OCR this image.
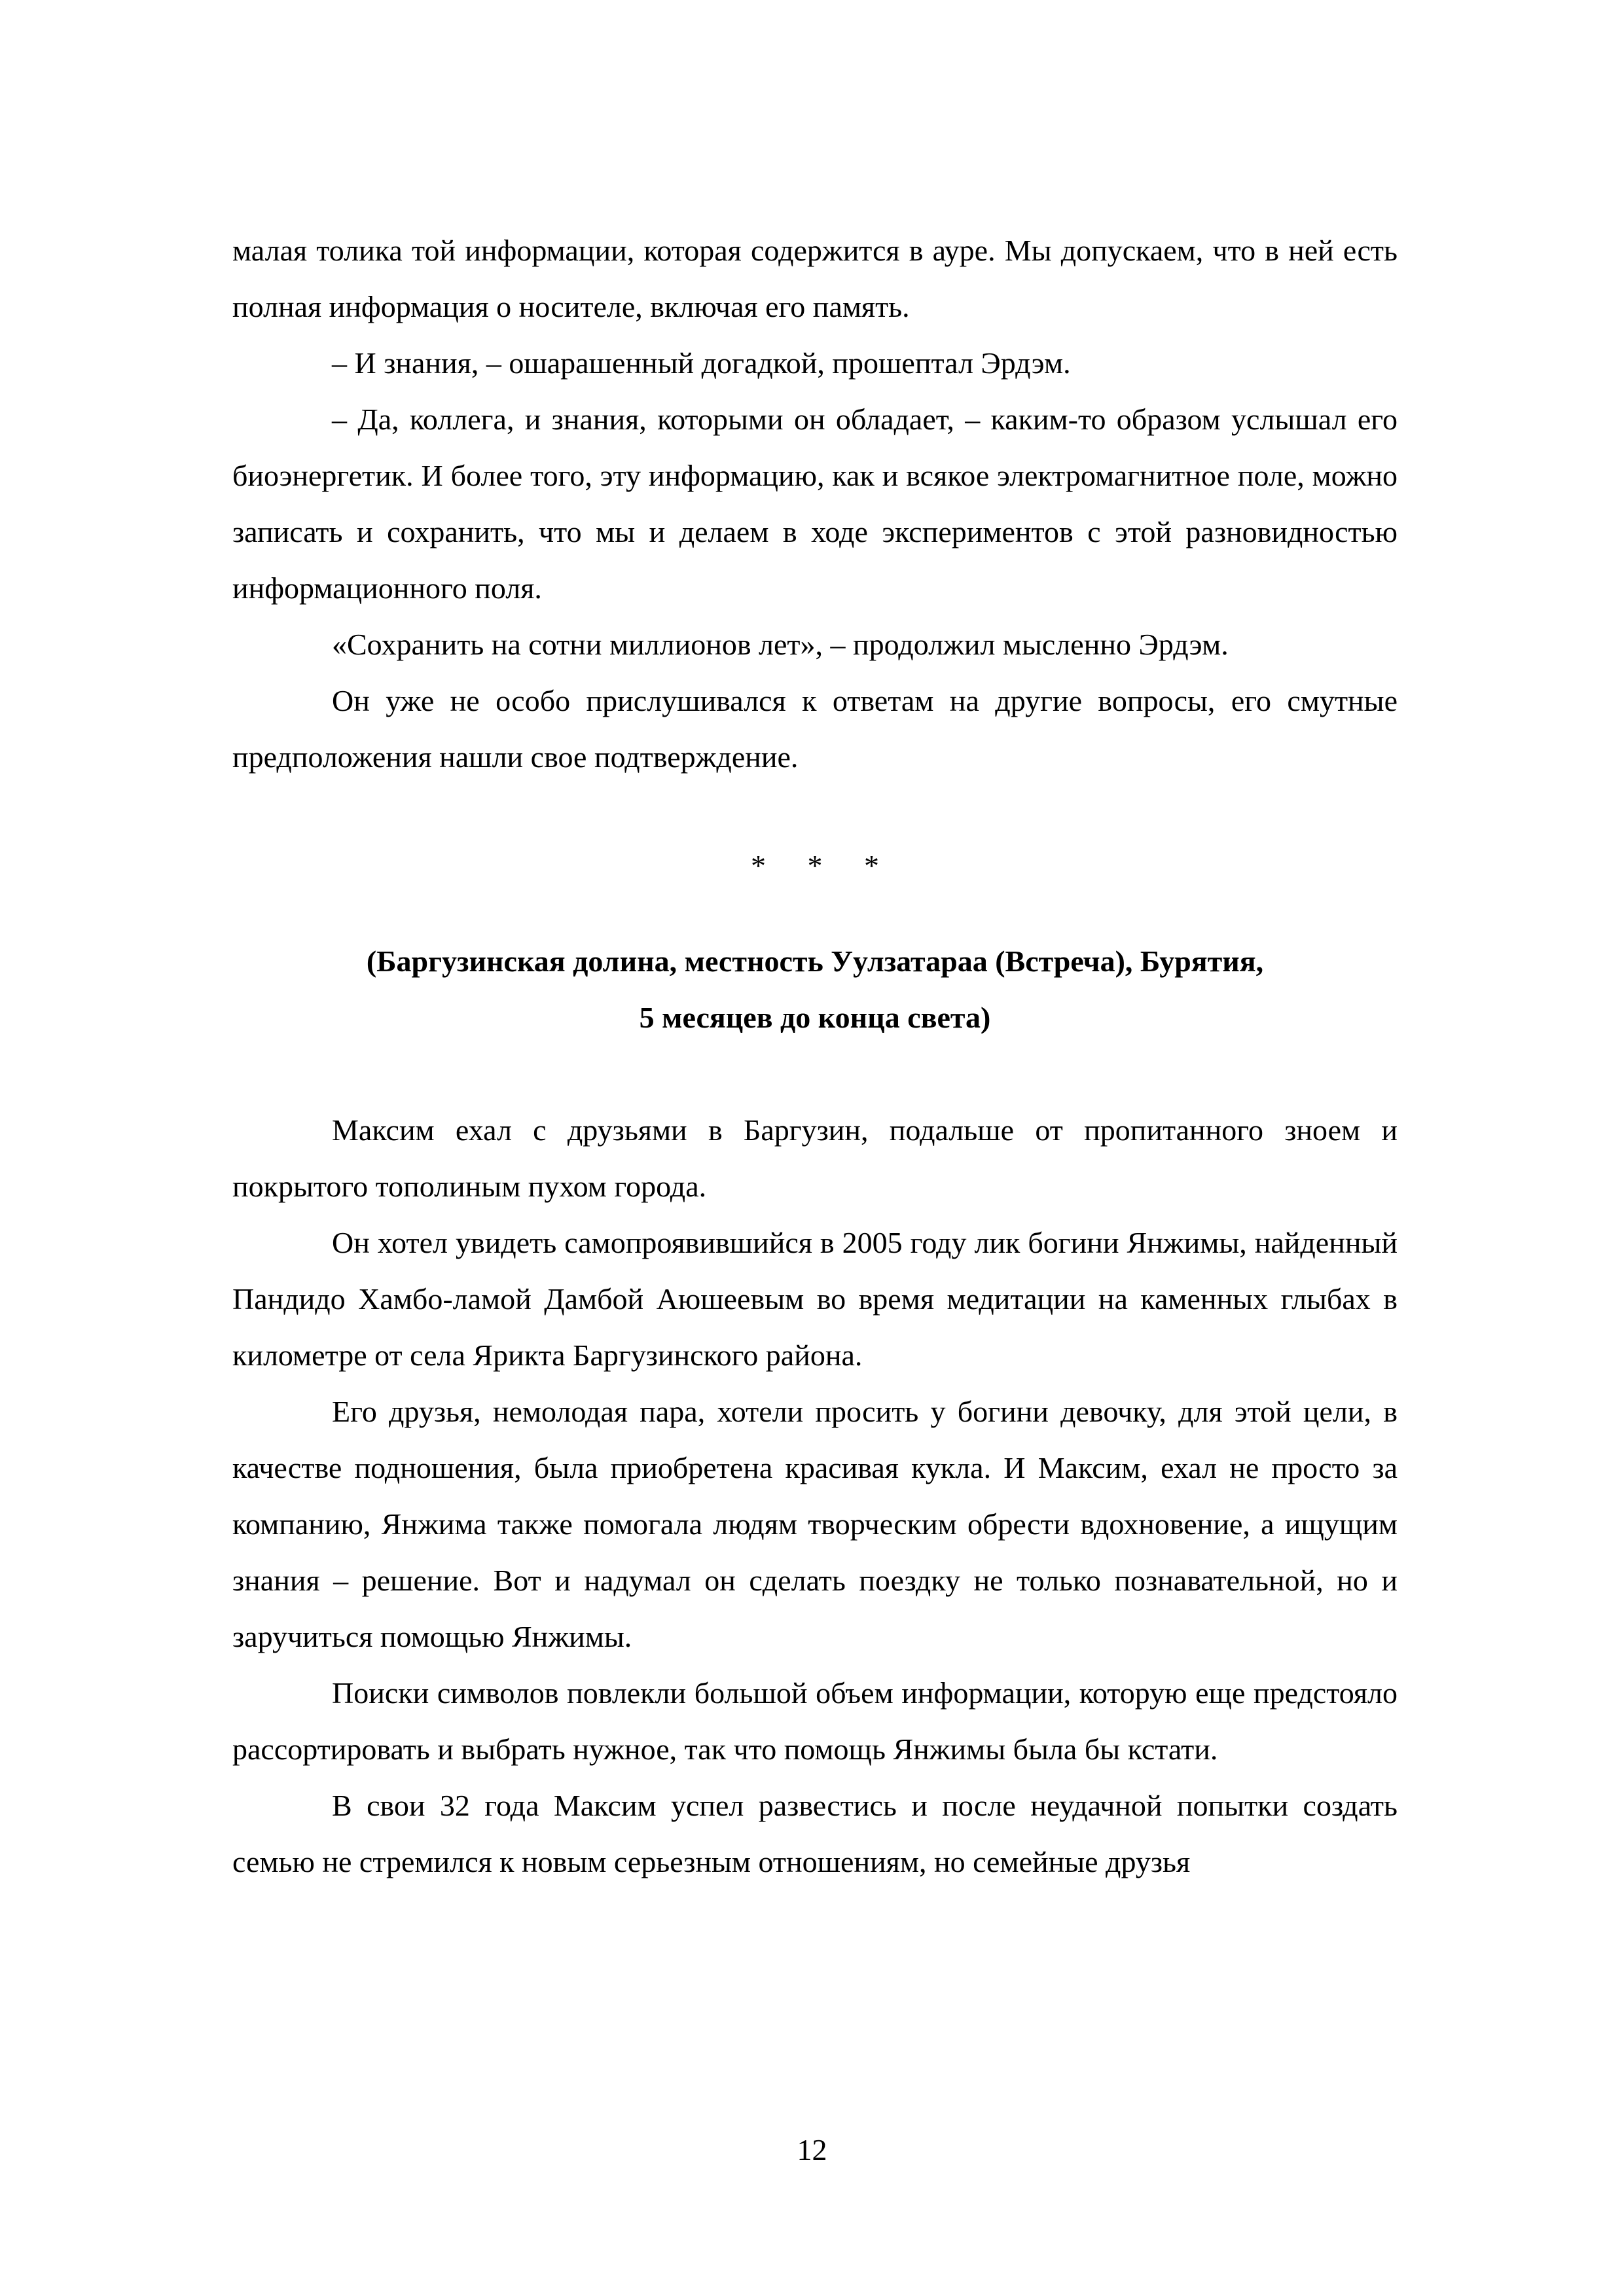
малая толика той информации, которая содержится в ауре. Мы допускаем, что в ней есть полная информация о носителе, включая его память.

– И знания, – ошарашенный догадкой, прошептал Эрдэм.

– Да, коллега, и знания, которыми он обладает, – каким-то образом услышал его биоэнергетик. И более того, эту информацию, как и всякое электромагнитное поле, можно записать и сохранить, что мы и делаем в ходе экспериментов с этой разновидностью информационного поля.

«Сохранить на сотни миллионов лет», – продолжил мысленно Эрдэм.

Он уже не особо прислушивался к ответам на другие вопросы, его смутные предположения нашли свое подтверждение.

* * *
(Баргузинская долина, местность Уулзатараа (Встреча), Бурятия,
5 месяцев до конца света)

Максим ехал с друзьями в Баргузин, подальше от пропитанного зноем и покрытого тополиным пухом города.

Он хотел увидеть самопроявившийся в 2005 году лик богини Янжимы, найденный Пандидо Хамбо-ламой Дамбой Аюшеевым во время медитации на каменных глыбах в километре от села Ярикта Баргузинского района.

Его друзья, немолодая пара, хотели просить у богини девочку, для этой цели, в качестве подношения, была приобретена красивая кукла. И Максим, ехал не просто за компанию, Янжима также помогала людям творческим обрести вдохновение, а ищущим знания – решение. Вот и надумал он сделать поездку не только познавательной, но и заручиться помощью Янжимы.

Поиски символов повлекли большой объем информации, которую еще предстояло рассортировать и выбрать нужное, так что помощь Янжимы была бы кстати.

В свои 32 года Максим успел развестись и после неудачной попытки создать семью не стремился к новым серьезным отношениям, но семейные друзья

12
